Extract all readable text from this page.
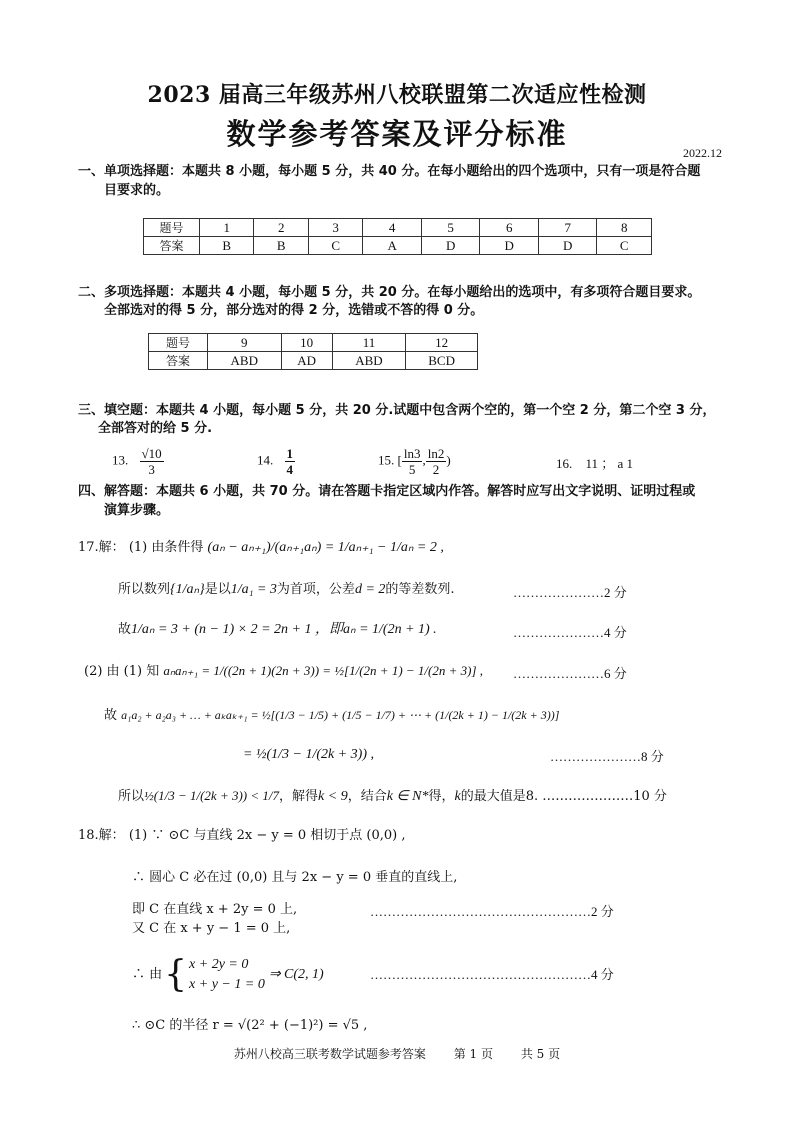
2023 届高三年级苏州八校联盟第二次适应性检测
数学参考答案及评分标准
2022.12
一、单项选择题：本题共 8 小题，每小题 5 分，共 40 分。在每小题给出的四个选项中，只有一项是符合题
目要求的。
题号	1	2	3	4	5	6	7	8
答案	B	B	C	A	D	D	D	C
二、多项选择题：本题共 4 小题，每小题 5 分，共 20 分。在每小题给出的选项中，有多项符合题目要求。
全部选对的得 5 分，部分选对的得 2 分，选错或不答的得 0 分。
题号	9	10	11	12
答案	ABD	AD	ABD	BCD
三、填空题：本题共 4 小题，每小题 5 分，共 20 分.试题中包含两个空的，第一个空 2 分，第二个空 3 分，
全部答对的给 5 分.
13. $\frac{√10}{3}$	14. $\frac{1}{4}$	15. [ $\frac{\ln 3}{5}$ , $\frac{\ln 2}{2}$ )	16. 11 ； a 1
四、解答题：本题共 6 小题，共 70 分。请在答题卡指定区域内作答。解答时应写出文字说明、证明过程或
演算步骤。
17.解： (1) 由条件得 (aₙ − aₙ₊₁)/(aₙ₊₁aₙ) = 1/aₙ₊₁ − 1/aₙ = 2 ,
所以数列{1/aₙ}是以1/a₁ = 3为首项，公差d = 2的等差数列.	…………………2 分
故1/aₙ = 3 + (n − 1) × 2 = 2n + 1 ，即aₙ = 1/(2n + 1) .	…………………4 分
(2) 由 (1) 知 aₙaₙ₊₁ = 1/((2n + 1)(2n + 3)) = ½[1/(2n + 1) − 1/(2n + 3)] , …………………6 分
故 a₁a₂ + a₂a₃ + … + aₖaₖ₊₁ = ½[(1/3 − 1/5) + (1/5 − 1/7) + ⋯ + (1/(2k + 1) − 1/(2k + 3))]
= ½(1/3 − 1/(2k + 3)) ,	…………………8 分
所以½(1/3 − 1/(2k + 3)) < 1/7，解得k < 9，结合k ∈ N*得，k的最大值是8. …………………10 分
18.解： (1) ∵ ⊙C 与直线 2x − y = 0 相切于点 (0,0) ,
∴ 圆心 C 必在过 (0,0) 且与 2x − y = 0 垂直的直线上,
即 C 在直线 x + 2y = 0 上,	……………………………………………2 分
又 C 在 x + y − 1 = 0 上,
∴ 由 { x + 2y = 0
x + y − 1 = 0
⇒ C(2, 1)	……………………………………………4 分
∴ ⊙C 的半径 r = √(2² + (−1)²) = √5 ,
苏州八校高三联考数学试题参考答案 第 1 页 共 5 页
